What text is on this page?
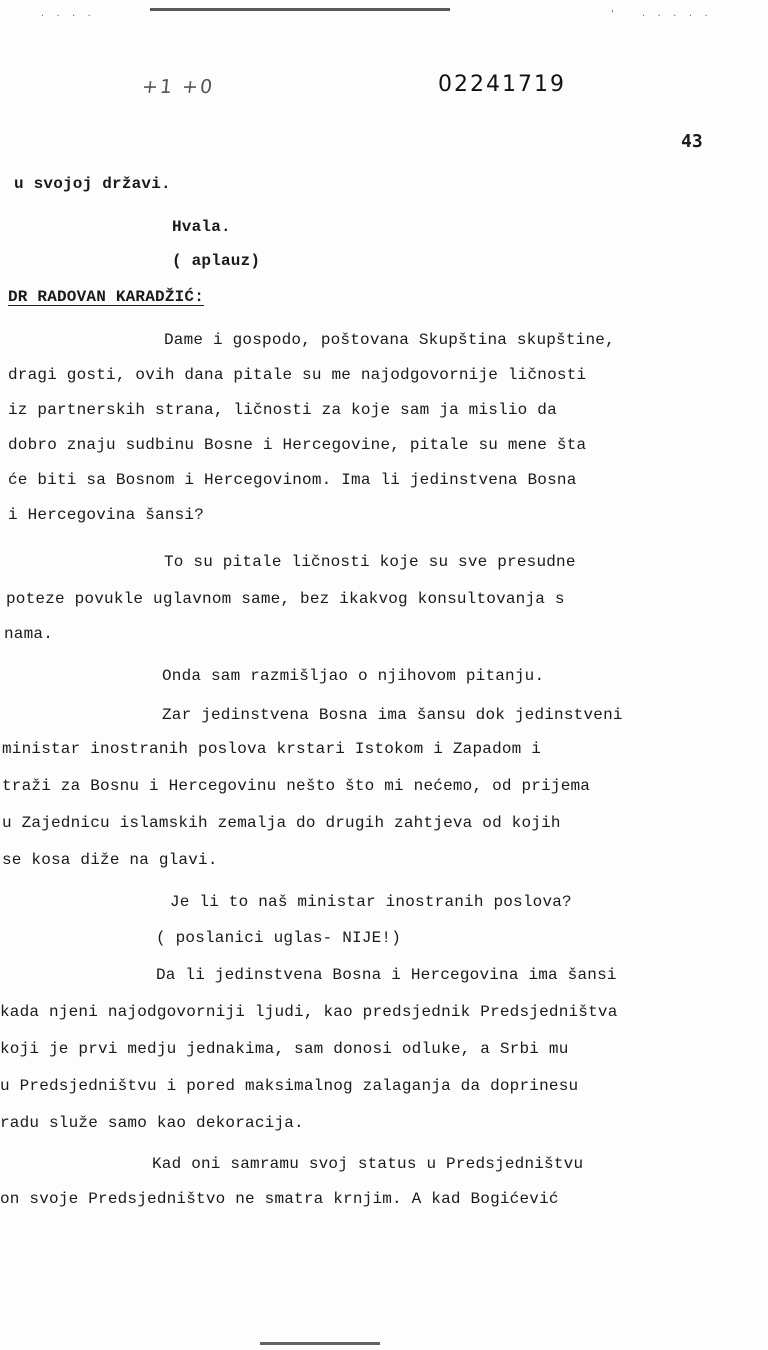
. . . .	'   . . . . .
+1 +0	02241719
43
u svojoj državi.
Hvala.
( aplauz)
DR RADOVAN KARADŽIĆ:
Dame i gospodo, poštovana Skupština skupštine,
dragi gosti, ovih dana pitale su me najodgovornije ličnosti
iz partnerskih strana, ličnosti za koje sam ja mislio da
dobro znaju sudbinu Bosne i Hercegovine, pitale su mene šta
će biti sa Bosnom i Hercegovinom. Ima li jedinstvena Bosna
i Hercegovina šansi?
To su pitale ličnosti koje su sve presudne
poteze povukle uglavnom same, bez ikakvog konsultovanja s
nama.
Onda sam razmišljao o njihovom pitanju.
Zar jedinstvena Bosna ima šansu dok jedinstveni
ministar inostranih poslova krstari Istokom i Zapadom i
traži za Bosnu i Hercegovinu nešto što mi nećemo, od prijema
u Zajednicu islamskih zemalja do drugih zahtjeva od kojih
se kosa diže na glavi.
Je li to naš ministar inostranih poslova?
( poslanici uglas- NIJE!)
Da li jedinstvena Bosna i Hercegovina ima šansi
kada njeni najodgovorniji ljudi, kao predsjednik Predsjedništva
koji je prvi medju jednakima, sam donosi odluke, a Srbi mu
u Predsjedništvu i pored maksimalnog zalaganja da doprinesu
radu služe samo kao dekoracija.
Kad oni samramu svoj status u Predsjedništvu
on svoje Predsjedništvo ne smatra krnjim. A kad Bogićević
